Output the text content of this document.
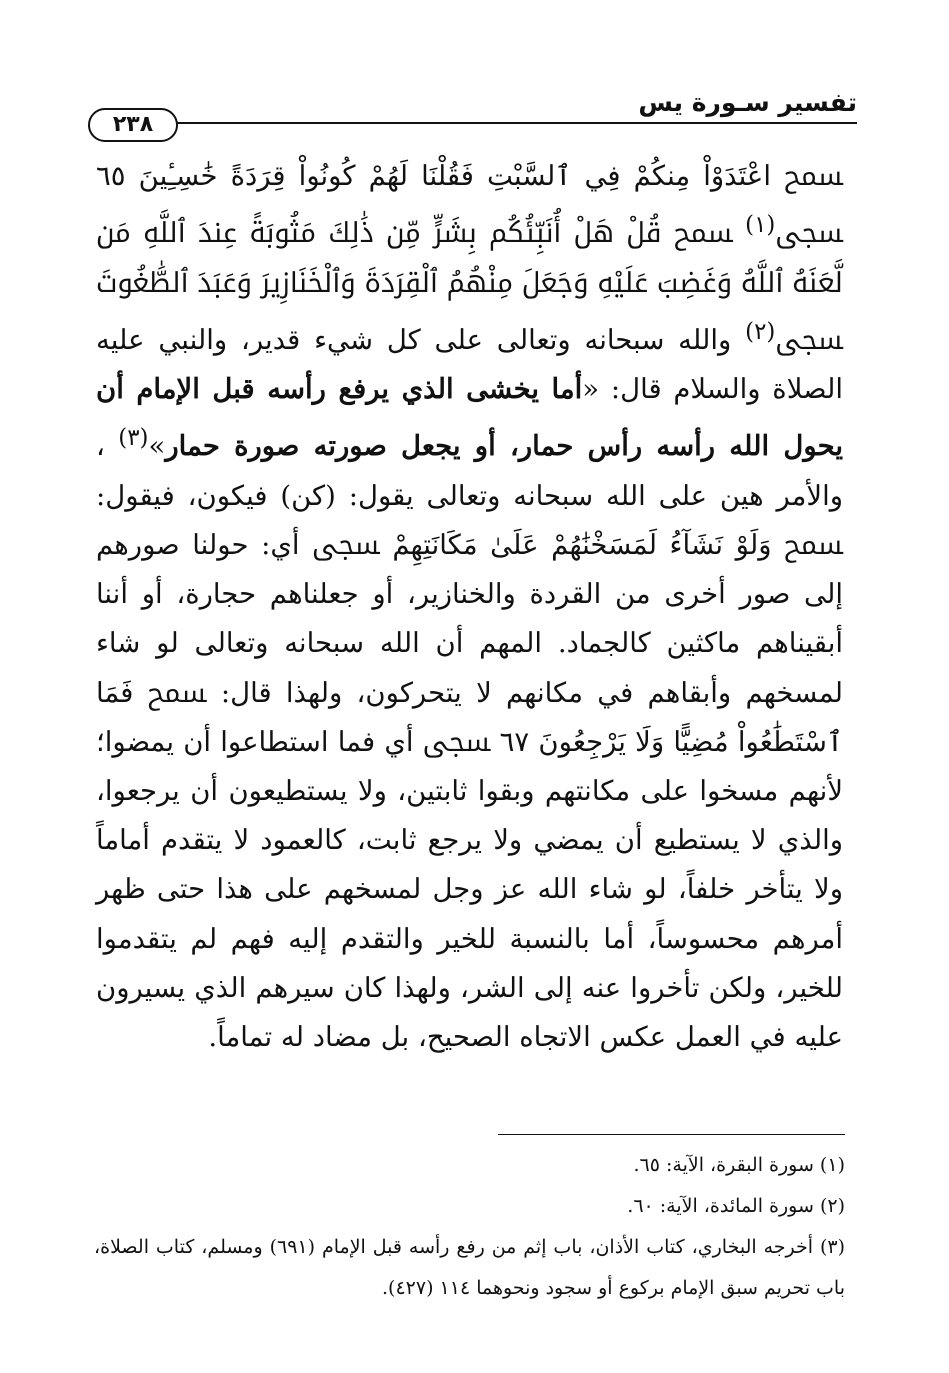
تفسير سـورة يس
٢٣٨

ﵟ اعْتَدَوْاْ مِنكُمْ فِي ٱلسَّبْتِ فَقُلْنَا لَهُمْ كُونُواْ قِرَدَةً خَٰسِـِٔينَ ٦٥ ﵞ$^{(١)}$ ﵟ قُلْ هَلْ أُنَبِّئُكُم بِشَرٍّ مِّن ذَٰلِكَ مَثُوبَةً عِندَ ٱللَّهِ مَن لَّعَنَهُ ٱللَّهُ وَغَضِبَ عَلَيْهِ وَجَعَلَ مِنْهُمُ ٱلْقِرَدَةَ وَٱلْخَنَازِيرَ وَعَبَدَ ٱلطَّٰغُوتَ ﵞ$^{(٢)}$ والله سبحانه وتعالى على كل شيء قدير، والنبي عليه الصلاة والسلام قال: «أما يخشى الذي يرفع رأسه قبل الإمام أن يحول الله رأسه رأس حمار، أو يجعل صورته صورة حمار»$^{(٣)}$ ، والأمر هين على الله سبحانه وتعالى يقول: (كن) فيكون، فيقول: ﵟ وَلَوْ نَشَآءُ لَمَسَخْنَٰهُمْ عَلَىٰ مَكَانَتِهِمْ ﵞ أي: حولنا صورهم إلى صور أخرى من القردة والخنازير، أو جعلناهم حجارة، أو أننا أبقيناهم ماكثين كالجماد. المهم أن الله سبحانه وتعالى لو شاء لمسخهم وأبقاهم في مكانهم لا يتحركون، ولهذا قال: ﵟ فَمَا ٱسْتَطَٰعُواْ مُضِيًّا وَلَا يَرْجِعُونَ ٦٧ ﵞ أي فما استطاعوا أن يمضوا؛ لأنهم مسخوا على مكانتهم وبقوا ثابتين، ولا يستطيعون أن يرجعوا، والذي لا يستطيع أن يمضي ولا يرجع ثابت، كالعمود لا يتقدم أماماً ولا يتأخر خلفاً، لو شاء الله عز وجل لمسخهم على هذا حتى ظهر أمرهم محسوساً، أما بالنسبة للخير والتقدم إليه فهم لم يتقدموا للخير، ولكن تأخروا عنه إلى الشر، ولهذا كان سيرهم الذي يسيرون عليه في العمل عكس الاتجاه الصحيح، بل مضاد له تماماً.

(١) سورة البقرة، الآية: ٦٥.

(٢) سورة المائدة، الآية: ٦٠.

(٣) أخرجه البخاري، كتاب الأذان، باب إثم من رفع رأسه قبل الإمام (٦٩١) ومسلم، كتاب الصلاة، باب تحريم سبق الإمام بركوع أو سجود ونحوهما ١١٤ (٤٢٧).
